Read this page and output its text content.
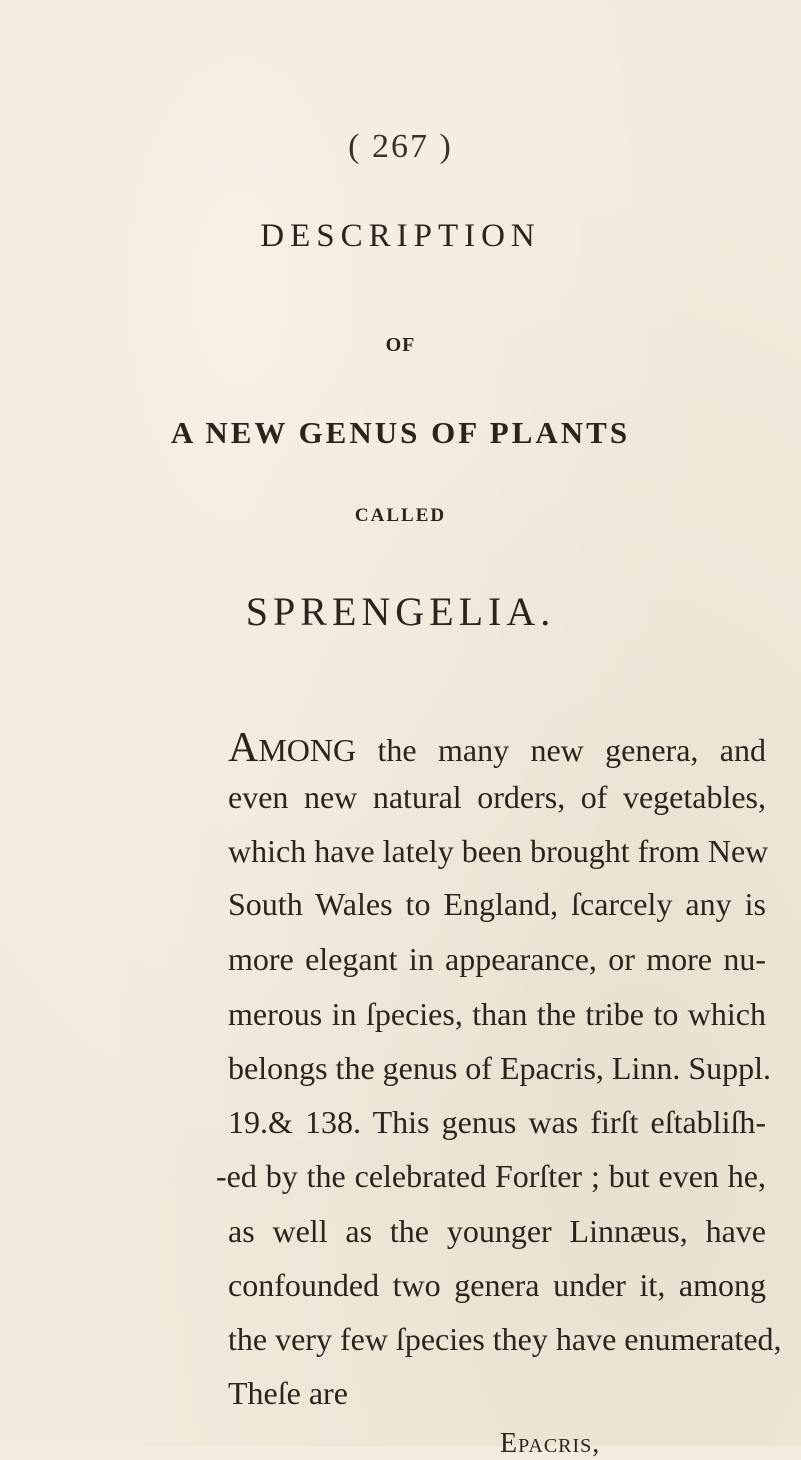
( 267 )
DESCRIPTION
OF
A NEW GENUS OF PLANTS
CALLED
SPRENGELIA.
AMONG the many new genera, and
even new natural orders, of vegetables,
which have lately been brought from New
South Wales to England, ſcarcely any is
more elegant in appearance, or more nu-
merous in ſpecies, than the tribe to which
belongs the genus of Epacris, Linn. Suppl.
19.& 138. This genus was firſt eſtabliſh-
-ed by the celebrated Forſter ; but even he,
as well as the younger Linnæus, have
confounded two genera under it, among
the very few ſpecies they have enumerated,
Theſe are
Epacris,
